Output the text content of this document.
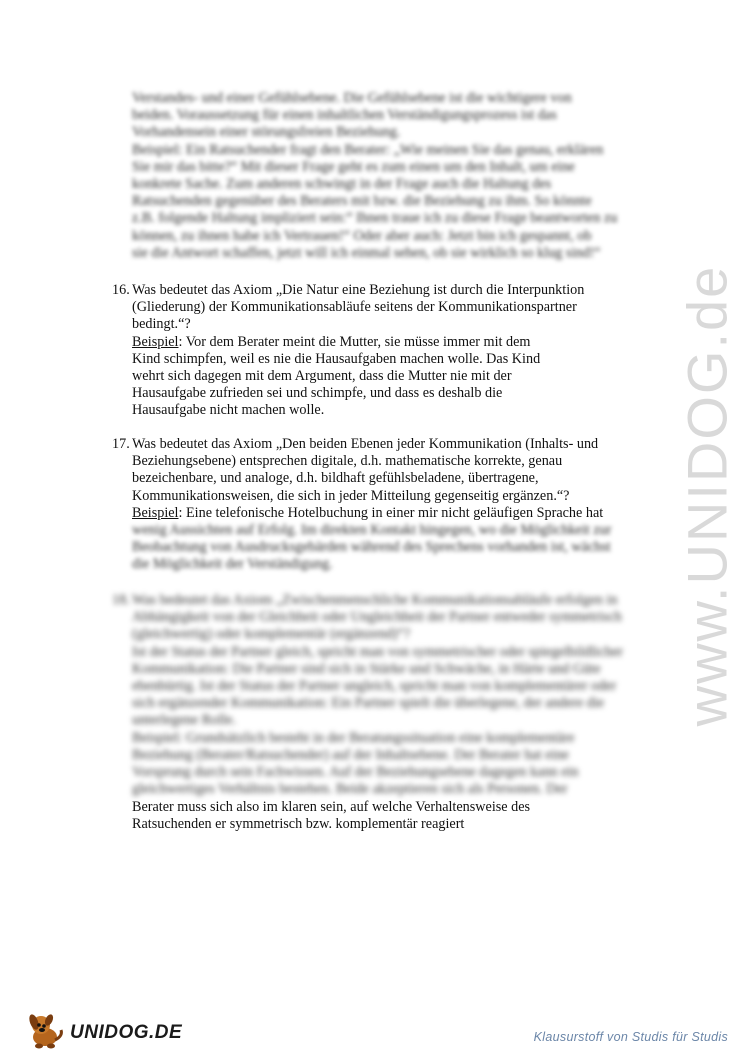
Verstandes- und einer Gefühlsebene. Die Gefühlsebene ist die wichtigere von
beiden. Voraussetzung für einen inhaltlichen Verständigungsprozess ist das
Vorhandensein einer störungsfreien Beziehung.
Beispiel: Ein Ratsuchender fragt den Berater: „Wie meinen Sie das genau, erklären
Sie mir das bitte?“ Mit dieser Frage geht es zum einen um den Inhalt, um eine
konkrete Sache. Zum anderen schwingt in der Frage auch die Haltung des
Ratsuchenden gegenüber des Beraters mit bzw. die Beziehung zu ihm. So könnte
z.B. folgende Haltung impliziert sein:“ Ihnen traue ich zu diese Frage beantworten zu
können, zu ihnen habe ich Vertrauen!“ Oder aber auch: Jetzt bin ich gespannt, ob
sie die Antwort schaffen, jetzt will ich einmal sehen, ob sie wirklich so klug sind!“
16. Was bedeutet das Axiom „Die Natur eine Beziehung ist durch die Interpunktion
(Gliederung) der Kommunikationsabläufe seitens der Kommunikationspartner
bedingt.“?
Beispiel: Vor dem Berater meint die Mutter, sie müsse immer mit dem
Kind schimpfen, weil es nie die Hausaufgaben machen wolle. Das Kind
wehrt sich dagegen mit dem Argument, dass die Mutter nie mit der
Hausaufgabe zufrieden sei und schimpfe, und dass es deshalb die
Hausaufgabe nicht machen wolle.
17. Was bedeutet das Axiom „Den beiden Ebenen jeder Kommunikation (Inhalts- und
Beziehungsebene) entsprechen digitale, d.h. mathematische korrekte, genau
bezeichenbare, und analoge, d.h. bildhaft gefühlsbeladene, übertragene,
Kommunikationsweisen, die sich in jeder Mitteilung gegenseitig ergänzen.“?
Beispiel: Eine telefonische Hotelbuchung in einer mir nicht geläufigen Sprache hat
wenig Aussichten auf Erfolg. Im direkten Kontakt hingegen, wo die Möglichkeit zur
Beobachtung von Ausdrucksgebärden während des Sprechens vorhanden ist, wächst
die Möglichkeit der Verständigung.
18. Was bedeutet das Axiom „Zwischenmenschliche Kommunikationsabläufe erfolgen in
Abhängigkeit von der Gleichheit oder Ungleichheit der Partner entweder symmetrisch
(gleichwertig) oder komplementär (ergänzend)“?
Ist der Status der Partner gleich, spricht man von symmetrischer oder spiegelbildlicher
Kommunikation: Die Partner sind sich in Stärke und Schwäche, in Härte und Güte
ebenbürtig. Ist der Status der Partner ungleich, spricht man von komplementärer oder
sich ergänzender Kommunikation: Ein Partner spielt die überlegene, der andere die
unterlegene Rolle.
Beispiel: Grundsätzlich besteht in der Beratungssituation eine komplementäre
Beziehung (Berater/Ratsuchender) auf der Inhaltsebene. Der Berater hat eine
Vorsprung durch sein Fachwissen. Auf der Beziehungsebene dagegen kann ein
gleichwertiges Verhältnis bestehen. Beide akzeptieren sich als Personen. Der
Berater muss sich also im klaren sein, auf welche Verhaltensweise des
Ratsuchenden er symmetrisch bzw. komplementär reagiert
www.UNIDOG.de
UNIDOG.DE	Klausurstoff von Studis für Studis
